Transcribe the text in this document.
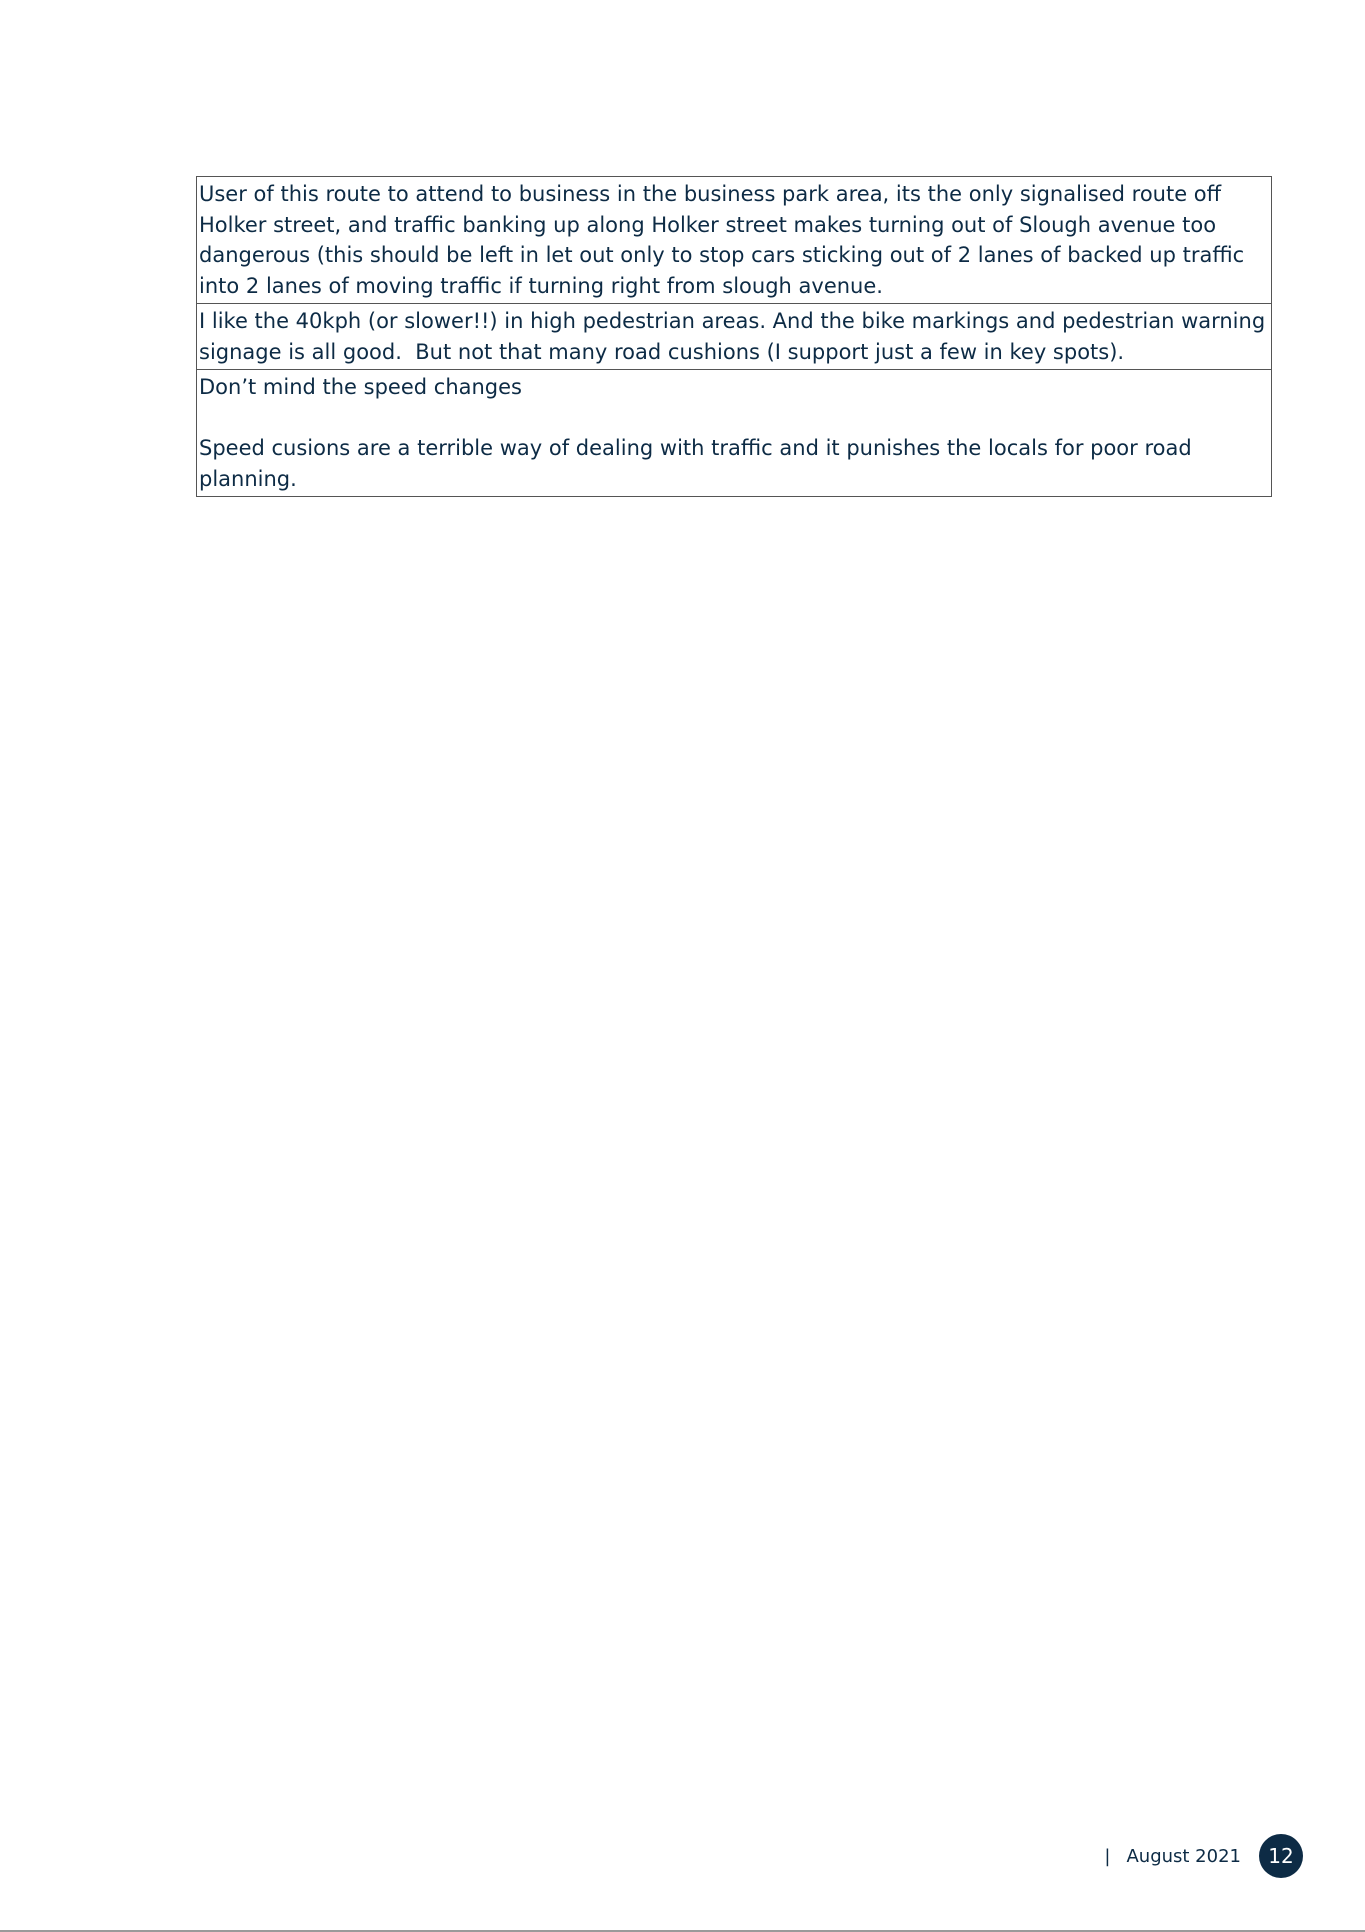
User of this route to attend to business in the business park area, its the only signalised route off Holker street, and traffic banking up along Holker street makes turning out of Slough avenue too dangerous (this should be left in let out only to stop cars sticking out of 2 lanes of backed up traffic into 2 lanes of moving traffic if turning right from slough avenue.

I like the 40kph (or slower!!) in high pedestrian areas. And the bike markings and pedestrian warning signage is all good.  But not that many road cushions (I support just a few in key spots).

Don’t mind the speed changes

Speed cusions are a terrible way of dealing with traffic and it punishes the locals for poor road planning.

| August 2021	12
